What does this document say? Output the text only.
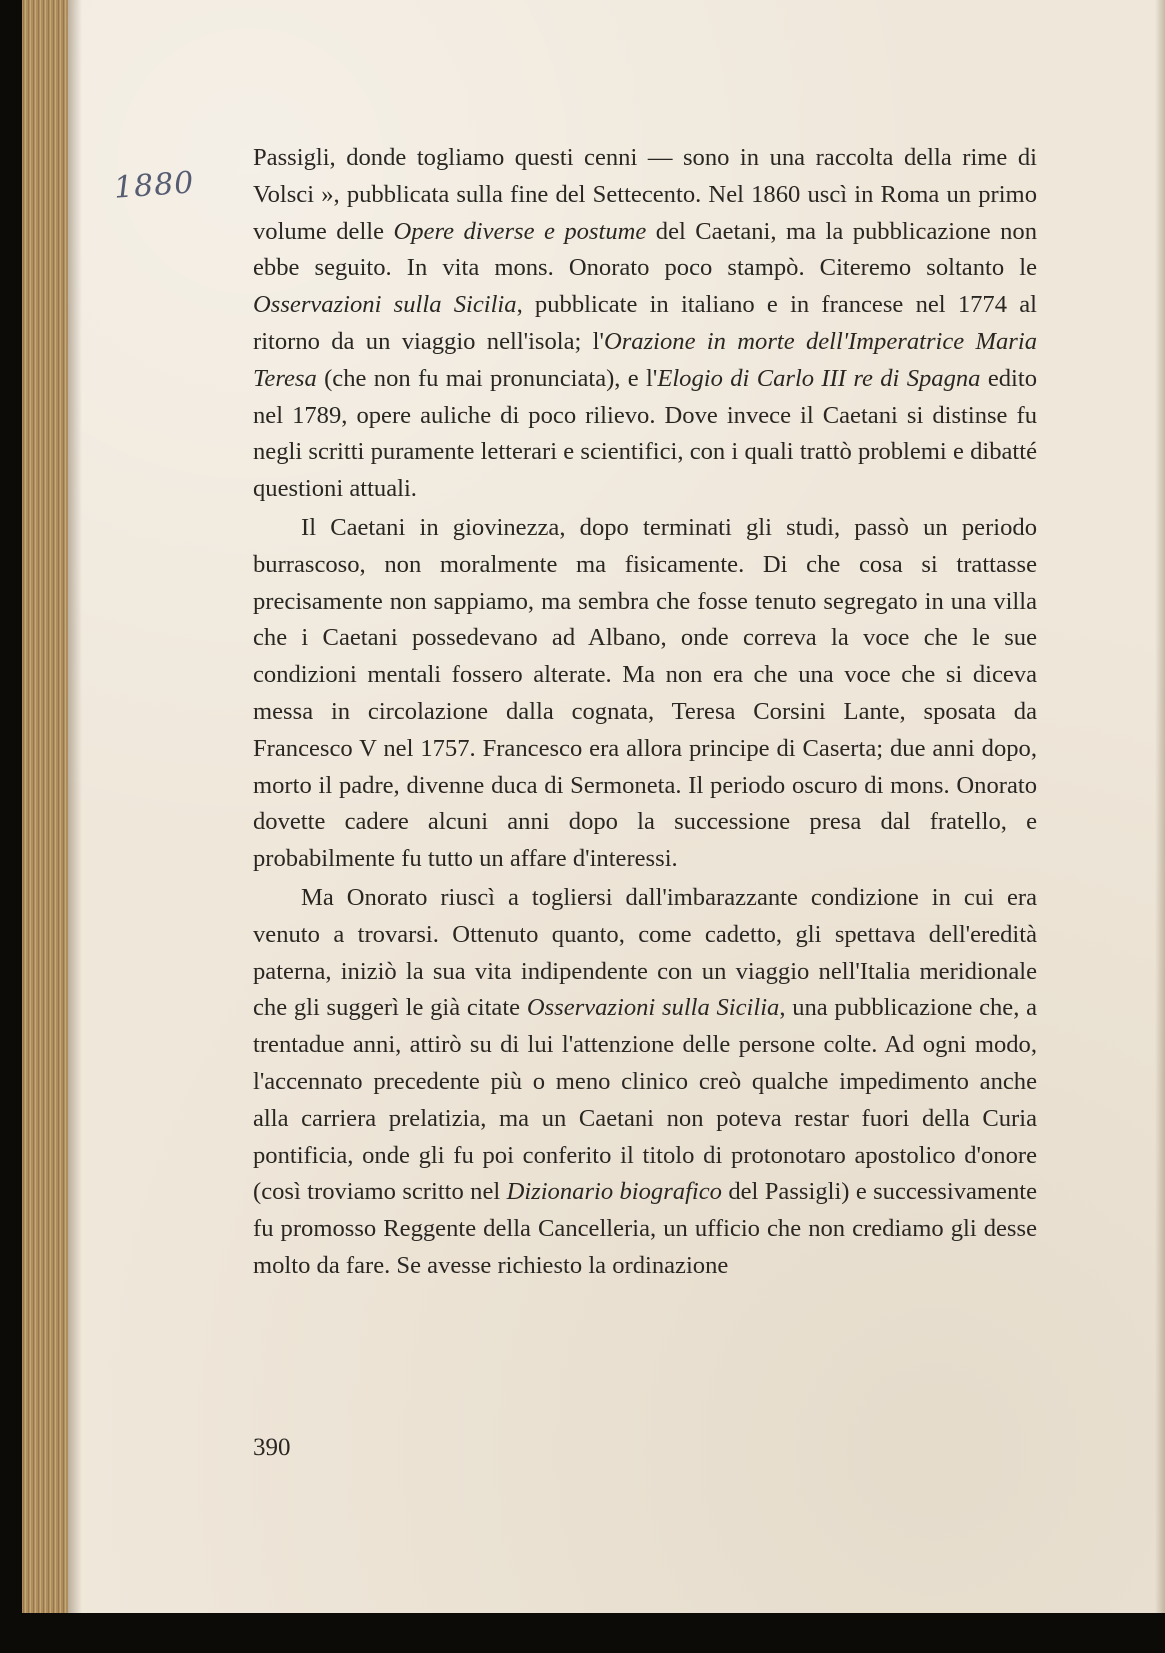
1880

Passigli, donde togliamo questi cenni — sono in una raccolta della rime di Volsci », pubblicata sulla fine del Settecento. Nel 1860 uscì in Roma un primo volume delle Opere diverse e postume del Caetani, ma la pubblicazione non ebbe seguito. In vita mons. Onorato poco stampò. Citeremo soltanto le Osservazioni sulla Sicilia, pubblicate in italiano e in francese nel 1774 al ritorno da un viaggio nell'isola; l'Orazione in morte dell'Imperatrice Maria Teresa (che non fu mai pronunciata), e l'Elogio di Carlo III re di Spagna edito nel 1789, opere auliche di poco rilievo. Dove invece il Caetani si distinse fu negli scritti puramente letterari e scientifici, con i quali trattò problemi e dibatté questioni attuali.

Il Caetani in giovinezza, dopo terminati gli studi, passò un periodo burrascoso, non moralmente ma fisicamente. Di che cosa si trattasse precisamente non sappiamo, ma sembra che fosse tenuto segregato in una villa che i Caetani possedevano ad Albano, onde correva la voce che le sue condizioni mentali fossero alterate. Ma non era che una voce che si diceva messa in circolazione dalla cognata, Teresa Corsini Lante, sposata da Francesco V nel 1757. Francesco era allora principe di Caserta; due anni dopo, morto il padre, divenne duca di Sermoneta. Il periodo oscuro di mons. Onorato dovette cadere alcuni anni dopo la successione presa dal fratello, e probabilmente fu tutto un affare d'interessi.

Ma Onorato riuscì a togliersi dall'imbarazzante condizione in cui era venuto a trovarsi. Ottenuto quanto, come cadetto, gli spettava dell'eredità paterna, iniziò la sua vita indipendente con un viaggio nell'Italia meridionale che gli suggerì le già citate Osservazioni sulla Sicilia, una pubblicazione che, a trentadue anni, attirò su di lui l'attenzione delle persone colte. Ad ogni modo, l'accennato precedente più o meno clinico creò qualche impedimento anche alla carriera prelatizia, ma un Caetani non poteva restar fuori della Curia pontificia, onde gli fu poi conferito il titolo di protonotaro apostolico d'onore (così troviamo scritto nel Dizionario biografico del Passigli) e successivamente fu promosso Reggente della Cancelleria, un ufficio che non crediamo gli desse molto da fare. Se avesse richiesto la ordinazione

390
